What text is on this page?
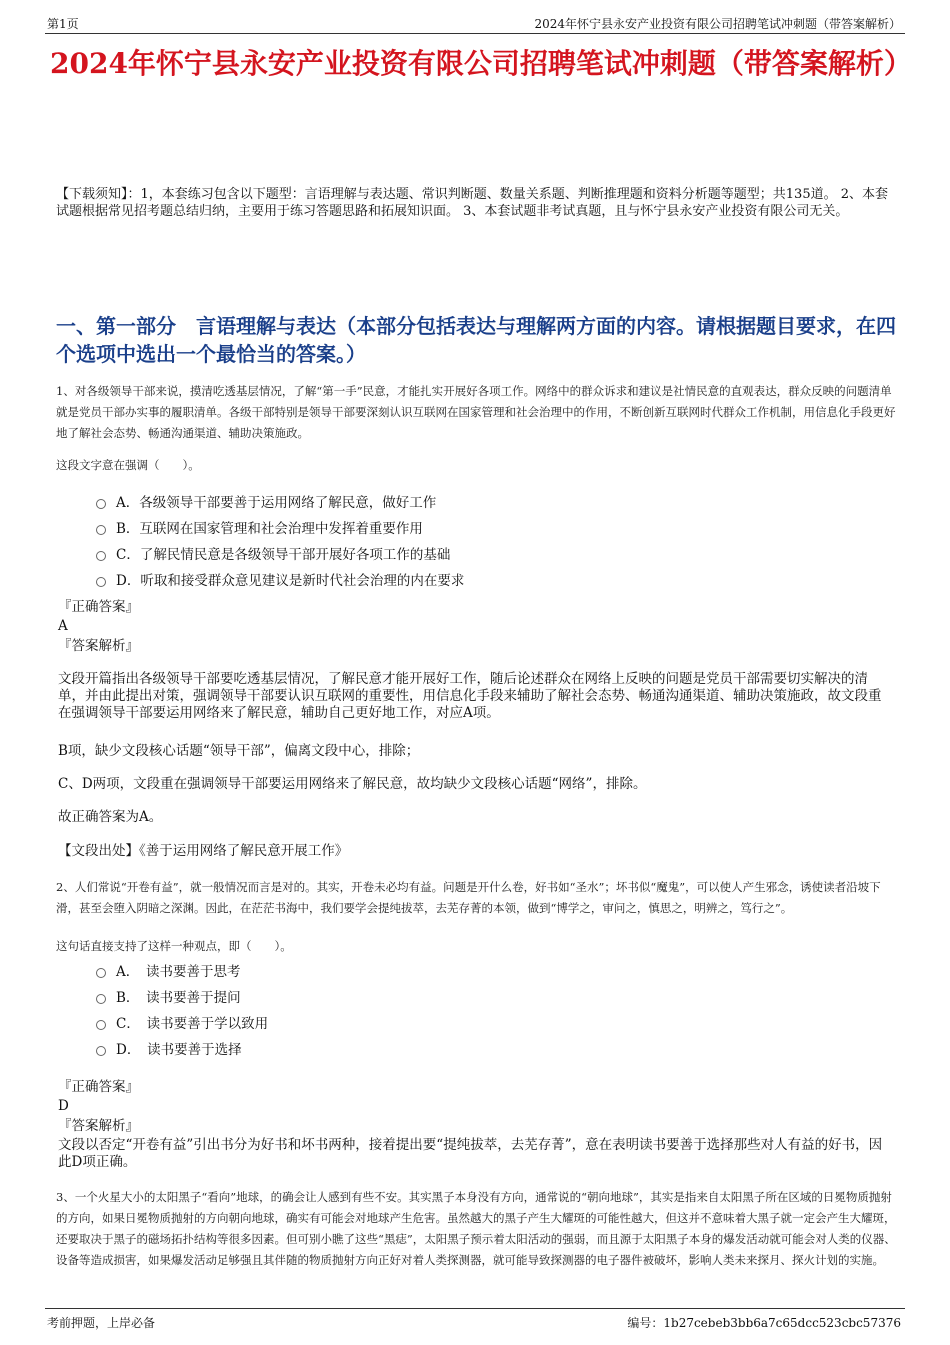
第1页	2024年怀宁县永安产业投资有限公司招聘笔试冲刺题（带答案解析）
2024年怀宁县永安产业投资有限公司招聘笔试冲刺题（带答案解析）

【下载须知】：1，本套练习包含以下题型：言语理解与表达题、常识判断题、数量关系题、判断推理题和资料分析题等题型；共135道。 2、本套试题根据常见招考题总结归纳，主要用于练习答题思路和拓展知识面。 3、本套试题非考试真题，且与怀宁县永安产业投资有限公司无关。

一、第一部分　言语理解与表达（本部分包括表达与理解两方面的内容。请根据题目要求，在四个选项中选出一个最恰当的答案。）

1、对各级领导干部来说，摸清吃透基层情况，了解“第一手”民意，才能扎实开展好各项工作。网络中的群众诉求和建议是社情民意的直观表达，群众反映的问题清单就是党员干部办实事的履职清单。各级干部特别是领导干部要深刻认识互联网在国家管理和社会治理中的作用，不断创新互联网时代群众工作机制，用信息化手段更好地了解社会态势、畅通沟通渠道、辅助决策施政。

这段文字意在强调（　　）。

A．各级领导干部要善于运用网络了解民意，做好工作
B．互联网在国家管理和社会治理中发挥着重要作用
C．了解民情民意是各级领导干部开展好各项工作的基础
D．听取和接受群众意见建议是新时代社会治理的内在要求
『正确答案』
A
『答案解析』

文段开篇指出各级领导干部要吃透基层情况，了解民意才能开展好工作，随后论述群众在网络上反映的问题是党员干部需要切实解决的清单，并由此提出对策，强调领导干部要认识互联网的重要性，用信息化手段来辅助了解社会态势、畅通沟通渠道、辅助决策施政，故文段重在强调领导干部要运用网络来了解民意，辅助自己更好地工作，对应A项。

B项，缺少文段核心话题“领导干部”，偏离文段中心，排除；

C、D两项，文段重在强调领导干部要运用网络来了解民意，故均缺少文段核心话题“网络”，排除。

故正确答案为A。

【文段出处】《善于运用网络了解民意开展工作》

2、人们常说“开卷有益”，就一般情况而言是对的。其实，开卷未必均有益。问题是开什么卷，好书如“圣水”；坏书似“魔鬼”，可以使人产生邪念，诱使读者沿坡下滑，甚至会堕入阴暗之深渊。因此，在茫茫书海中，我们要学会提纯拔萃，去芜存菁的本领，做到“博学之，审问之，慎思之，明辨之，笃行之”。

这句话直接支持了这样一种观点，即（　　）。

A．　读书要善于思考
B．　读书要善于提问
C．　读书要善于学以致用
D．　读书要善于选择
『正确答案』
D
『答案解析』

文段以否定“开卷有益”引出书分为好书和坏书两种，接着提出要“提纯拔萃，去芜存菁”，意在表明读书要善于选择那些对人有益的好书，因此D项正确。

3、一个火星大小的太阳黑子“看向”地球，的确会让人感到有些不安。其实黑子本身没有方向，通常说的“朝向地球”，其实是指来自太阳黑子所在区域的日冕物质抛射的方向，如果日冕物质抛射的方向朝向地球，确实有可能会对地球产生危害。虽然越大的黑子产生大耀斑的可能性越大，但这并不意味着大黑子就一定会产生大耀斑，还要取决于黑子的磁场拓扑结构等很多因素。但可别小瞧了这些“黑痣”，太阳黑子预示着太阳活动的强弱，而且源于太阳黑子本身的爆发活动就可能会对人类的仪器、设备等造成损害，如果爆发活动足够强且其伴随的物质抛射方向正好对着人类探测器，就可能导致探测器的电子器件被破坏，影响人类未来探月、探火计划的实施。

考前押题，上岸必备	编号：1b27cebeb3bb6a7c65dcc523cbc57376
